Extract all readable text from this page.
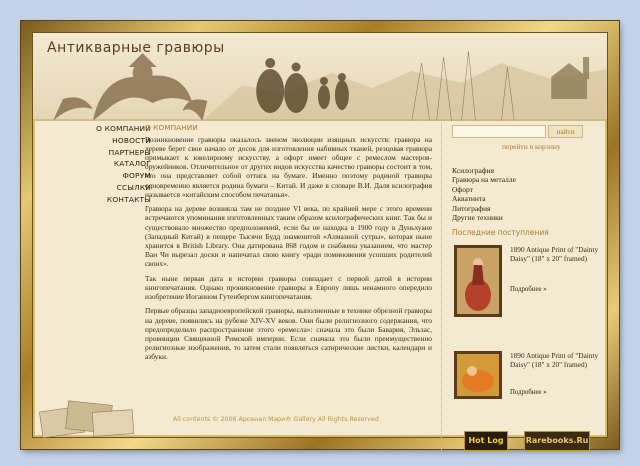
Антикварные гравюры
О КОМПАНИИ
НОВОСТИ
ПАРТНЕРЫ
КАТАЛОГ
ФОРУМ
ССЫЛКИ
КОНТАКТЫ
О КОМПАНИИ

Возникновение гравюры оказалось звеном эволюции изящных искусств: гравюра на дереве берет свое начало от досок для изготовления набивных тканей, резцовая гравюра примыкает к ювелирному искусству, а офорт имеет общее с ремеслом мастеров-оружейников. Отличительное от других видов искусства качество гравюры состоит в том, что она представляет собой оттиск на бумаге. Именно поэтому родиной гравюры одновременно является родина бумаги – Китай. И даже в словаре В.И. Даля ксилография называется «китайским способом печатанья».

Гравюра на дереве возникла там не позднее VI века, по крайней мере с этого времени встречаются упоминания изготовленных таким образом ксилографических книг. Так бы и существовало множество предположений, если бы не находка в 1900 году в Дуньхуане (Западный Китай) в пещере Тысячи Будд знаменитой «Алмазной сутры», которая ныне хранится в British Library. Она датирована 868 годом и снабжена указанием, что мастер Ван Чи вырезал доски и напечатал свою книгу «ради поминовения усопших родителей своих».

Так ныне первая дата в истории гравюры совпадает с первой датой в истории книгопечатания. Однако проникновение гравюры в Европу лишь ненамного опередило изобретение Иоганном Гутенбергом книгопечатания.

Первые образцы западноевропейской гравюры, выполненные в технике обрезной гравюры на дереве, появились на рубеже XIV-XV веков. Они были религиозного содержания, что предопределило распространение этого «ремесла»: сначала это были Бавария, Эльзас, провинции Священной Римской империи. Если сначала это были преимущественно религиозные изображения, то затем стали появляться сатирические листки, календари и азбуки.

найти
перейти в корзину
Ксилография
Гравюра на металле
Офорт
Акватинта
Литография
Другие техники
Последние поступления
1890 Antique Print of "Dainty Daisy" (18" x 20" framed)
Подробнее »
1890 Antique Print of "Dainty Daisy" (18" x 20" framed)
Подробнее »
Hot Log	Rarebooks.Ru
All contents © 2006 Арсенал Мэри® Gallery All Rights Reserved
